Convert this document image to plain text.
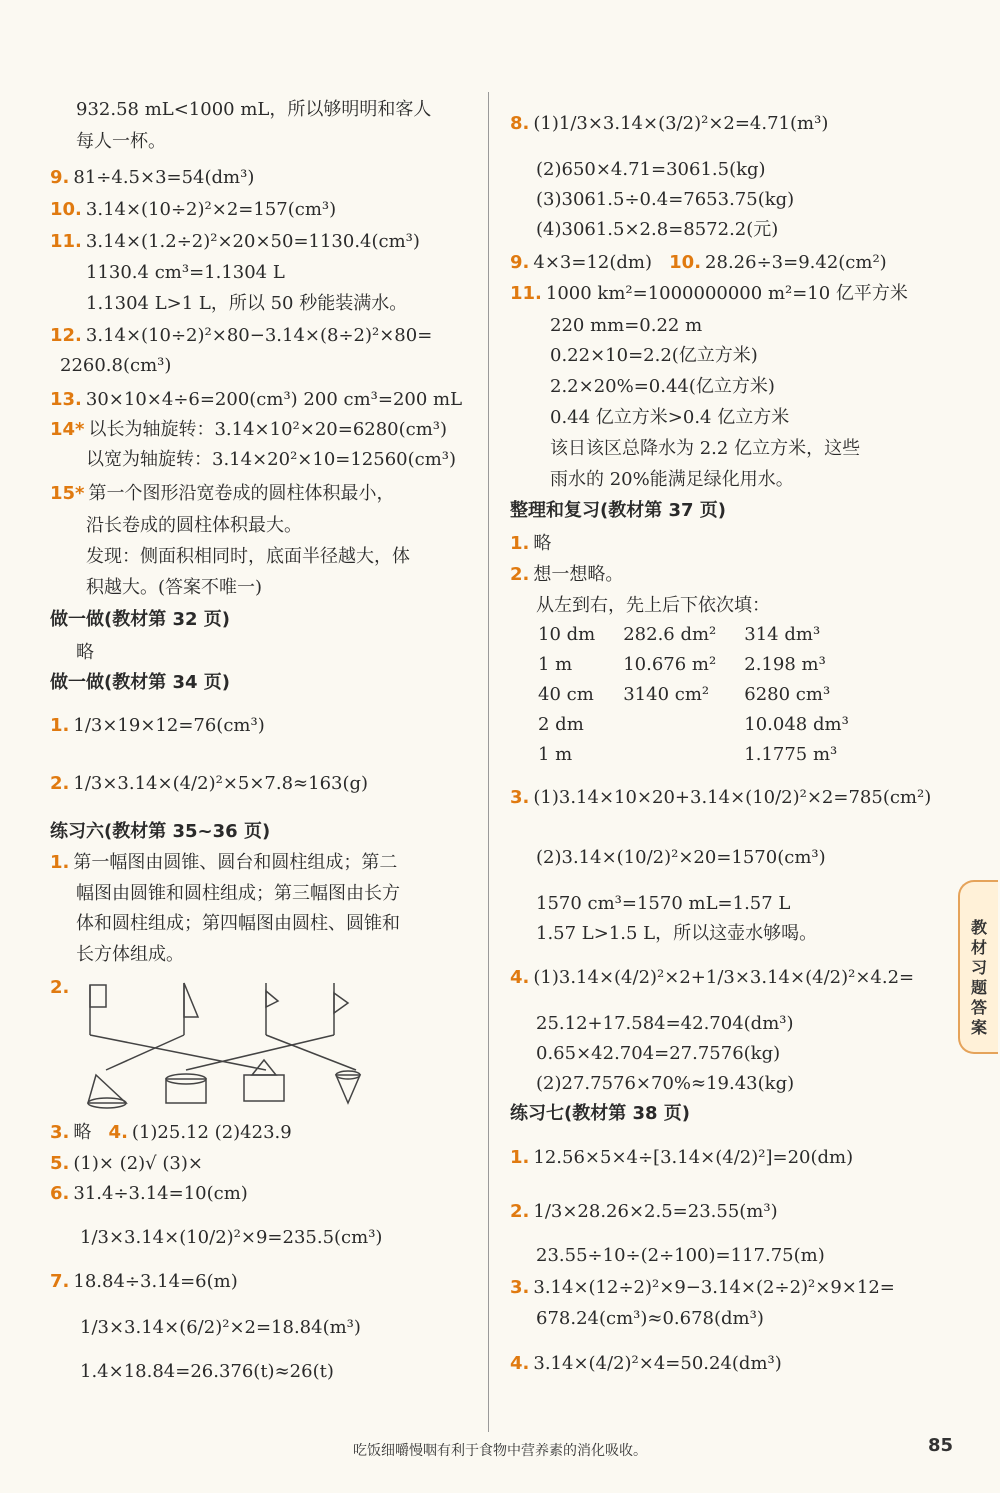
932.58 mL<1000 mL，所以够明明和客人
每人一杯。
9. 81÷4.5×3=54(dm³)
10. 3.14×(10÷2)²×2=157(cm³)
11. 3.14×(1.2÷2)²×20×50=1130.4(cm³)
1130.4 cm³=1.1304 L
1.1304 L>1 L，所以 50 秒能装满水。
12. 3.14×(10÷2)²×80−3.14×(8÷2)²×80=
2260.8(cm³)
13. 30×10×4÷6=200(cm³) 200 cm³=200 mL
14* 以长为轴旋转：3.14×10²×20=6280(cm³)
以宽为轴旋转：3.14×20²×10=12560(cm³)
15* 第一个图形沿宽卷成的圆柱体积最小，
沿长卷成的圆柱体积最大。
发现：侧面积相同时，底面半径越大，体
积越大。(答案不唯一)
做一做(教材第 32 页)
略
做一做(教材第 34 页)
1. 1/3×19×12=76(cm³)
2. 1/3×3.14×(4/2)²×5×7.8≈163(g)
练习六(教材第 35~36 页)
1. 第一幅图由圆锥、圆台和圆柱组成；第二
幅图由圆锥和圆柱组成；第三幅图由长方
体和圆柱组成；第四幅图由圆柱、圆锥和
长方体组成。
2.
3. 略 4. (1)25.12 (2)423.9
5. (1)× (2)√ (3)×
6. 31.4÷3.14=10(cm)
1/3×3.14×(10/2)²×9=235.5(cm³)
7. 18.84÷3.14=6(m)
1/3×3.14×(6/2)²×2=18.84(m³)
1.4×18.84=26.376(t)≈26(t)
8. (1)1/3×3.14×(3/2)²×2=4.71(m³)
(2)650×4.71=3061.5(kg)
(3)3061.5÷0.4=7653.75(kg)
(4)3061.5×2.8=8572.2(元)
9. 4×3=12(dm) 10. 28.26÷3=9.42(cm²)
11. 1000 km²=1000000000 m²=10 亿平方米
220 mm=0.22 m
0.22×10=2.2(亿立方米)
2.2×20%=0.44(亿立方米)
0.44 亿立方米>0.4 亿立方米
该日该区总降水为 2.2 亿立方米，这些
雨水的 20%能满足绿化用水。
整理和复习(教材第 37 页)
1. 略
2. 想一想略。
从左到右，先上后下依次填：
3. (1)3.14×10×20+3.14×(10/2)²×2=785(cm²)
(2)3.14×(10/2)²×20=1570(cm³)
1570 cm³=1570 mL=1.57 L
1.57 L>1.5 L，所以这壶水够喝。
4. (1)3.14×(4/2)²×2+1/3×3.14×(4/2)²×4.2=
25.12+17.584=42.704(dm³)
0.65×42.704=27.7576(kg)
(2)27.7576×70%≈19.43(kg)
练习七(教材第 38 页)
1. 12.56×5×4÷[3.14×(4/2)²]=20(dm)
2. 1/3×28.26×2.5=23.55(m³)
23.55÷10÷(2÷100)=117.75(m)
3. 3.14×(12÷2)²×9−3.14×(2÷2)²×9×12=
678.24(cm³)≈0.678(dm³)
4. 3.14×(4/2)²×4=50.24(dm³)
10 dm	282.6 dm²	314 dm³
1 m	10.676 m²	2.198 m³
40 cm	3140 cm²	6280 cm³
2 dm		10.048 dm³
1 m		1.1775 m³
教材习题答案
吃饭细嚼慢咽有利于食物中营养素的消化吸收。	85
